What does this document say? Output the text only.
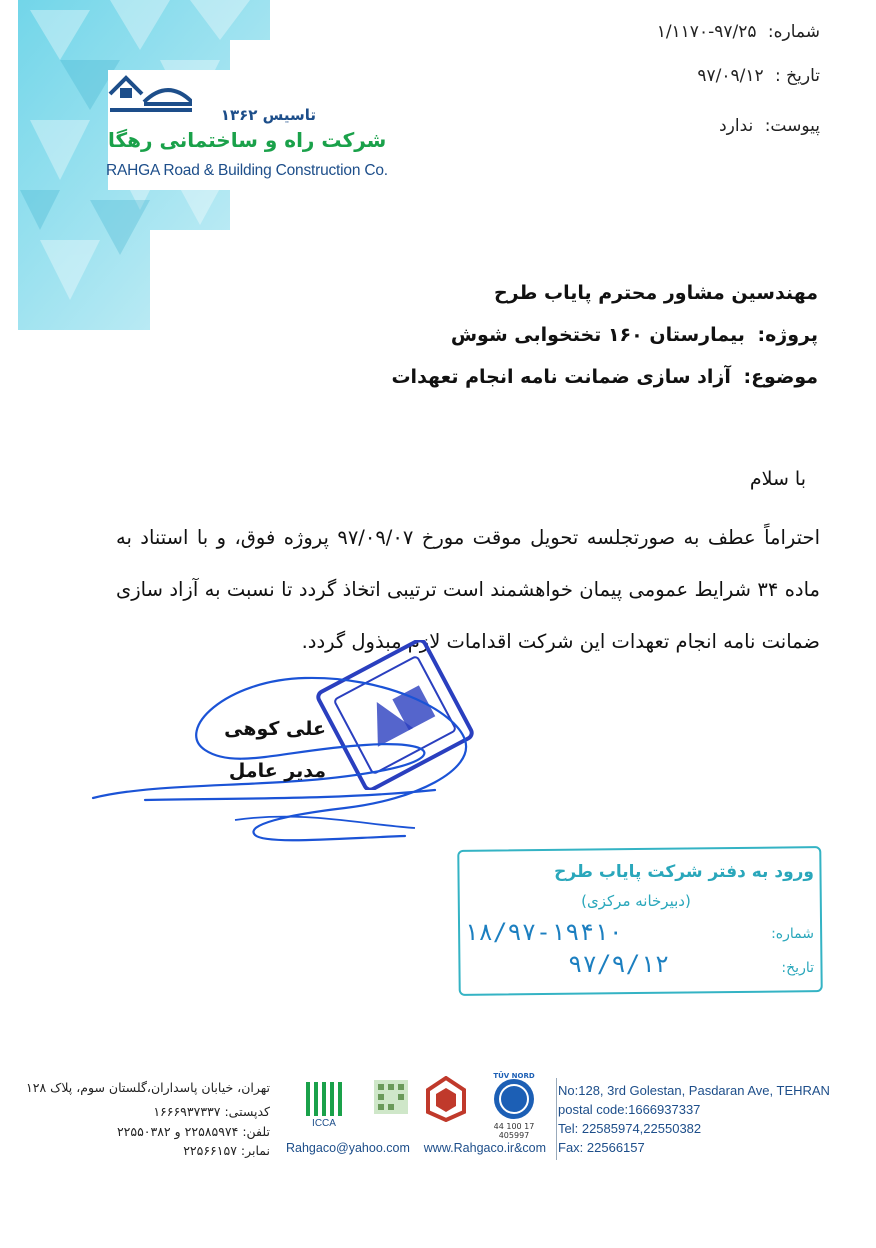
تاسیس ۱۳۶۲
شرکت راه و ساختمانی رهگا
RAHGA Road & Building Construction Co.
شماره: ۹۷/۲۵-۱/۱۱۷۰
تاریخ : ۹۷/۰۹/۱۲
پیوست: ندارد
مهندسین مشاور محترم پایاب طرح
پروژه: بیمارستان ۱۶۰ تختخوابی شوش
موضوع: آزاد سازی ضمانت نامه انجام تعهدات
با سلام
احتراماً عطف به صورتجلسه تحویل موقت مورخ ۹۷/۰۹/۰۷ پروژه فوق، و با استناد به ماده ۳۴ شرایط عمومی پیمان خواهشمند است ترتیبی اتخاذ گردد تا نسبت به آزاد سازی ضمانت نامه انجام تعهدات این شرکت اقدامات لازم مبذول گردد.
علی کوهی
مدیر عامل
ورود به دفتر شرکت پایاب طرح
(دبیرخانه مرکزی)
شماره:
تاریخ:
۱۸/۹۷-۱۹۴۱۰
۹۷/۹/۱۲
تهران، خیابان پاسداران،گلستان سوم، پلاک ۱۲۸
کدپستی: ۱۶۶۶۹۳۷۳۳۷
تلفن: ۲۲۵۸۵۹۷۴ و ۲۲۵۵۰۳۸۲
نمابر: ۲۲۵۶۶۱۵۷
ICCA
TÜV NORD
44 100 17 405997
Rahgaco@yahoo.com www.Rahgaco.ir&com
No:128, 3rd Golestan, Pasdaran Ave, TEHRAN
postal code:1666937337
Tel: 22585974,22550382
Fax: 22566157
